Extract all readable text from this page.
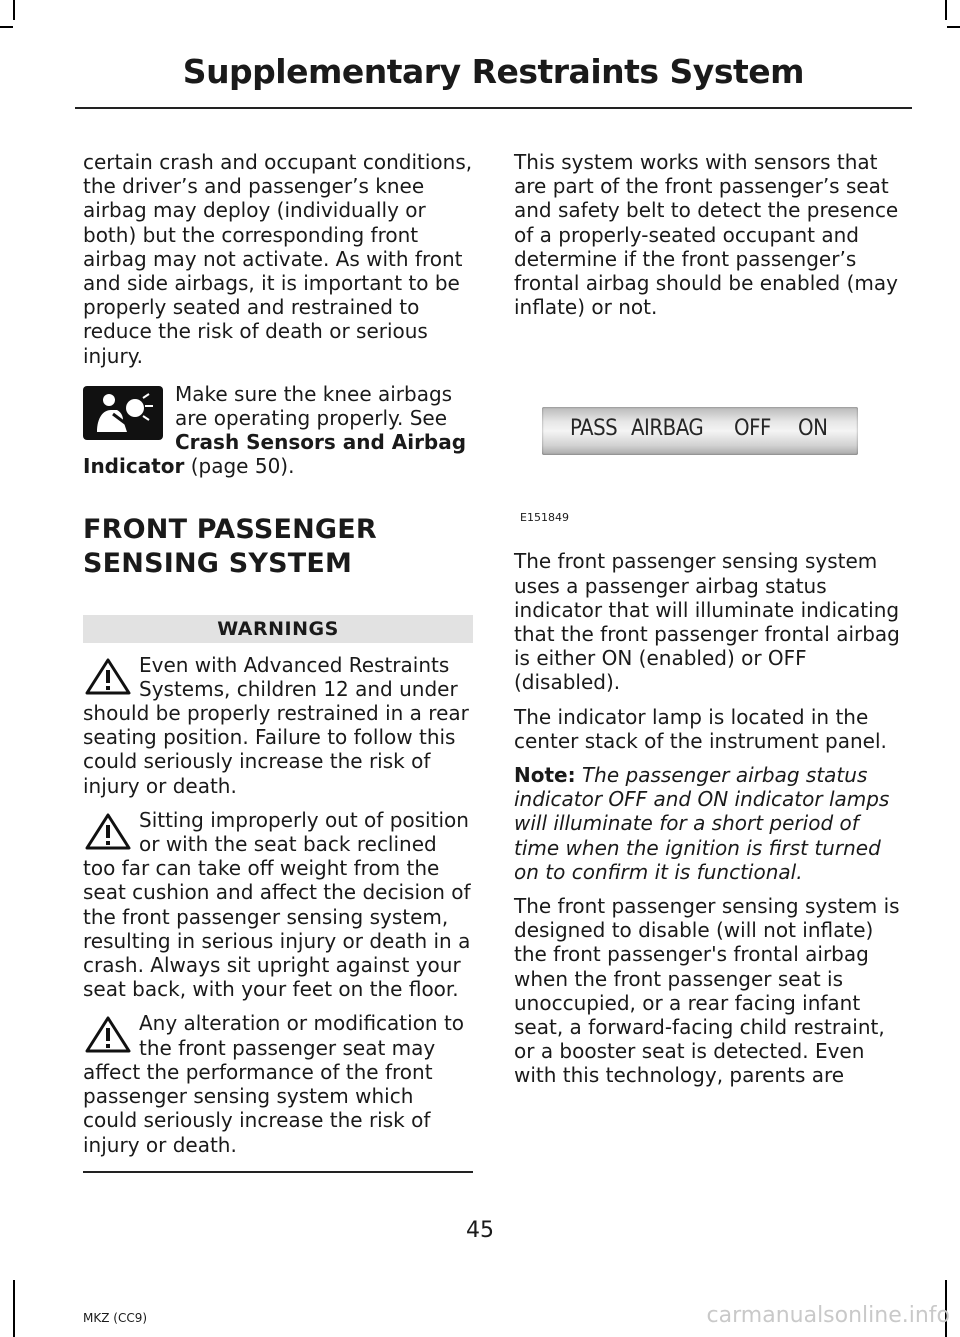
Supplementary Restraints System

certain crash and occupant conditions, the driver’s and passenger’s knee airbag may deploy (individually or both) but the corresponding front airbag may not activate. As with front and side airbags, it is important to be properly seated and restrained to reduce the risk of death or serious injury.

Make sure the knee airbags are operating properly. See Crash Sensors and Airbag Indicator (page 50).
FRONT PASSENGER
SENSING SYSTEM
WARNINGS
Even with Advanced Restraints Systems, children 12 and under should be properly restrained in a rear seating position. Failure to follow this could seriously increase the risk of injury or death.
Sitting improperly out of position or with the seat back reclined too far can take off weight from the seat cushion and affect the decision of the front passenger sensing system, resulting in serious injury or death in a crash. Always sit upright against your seat back, with your feet on the floor.
Any alteration or modification to the front passenger seat may affect the performance of the front passenger sensing system which could seriously increase the risk of injury or death.

This system works with sensors that are part of the front passenger’s seat and safety belt to detect the presence of a properly-seated occupant and determine if the front passenger’s frontal airbag should be enabled (may inflate) or not.

PASS AIRBAG OFF ON
E151849

The front passenger sensing system uses a passenger airbag status indicator that will illuminate indicating that the front passenger frontal airbag is either ON (enabled) or OFF (disabled).

The indicator lamp is located in the center stack of the instrument panel.

Note: The passenger airbag status indicator OFF and ON indicator lamps will illuminate for a short period of time when the ignition is first turned on to confirm it is functional.

The front passenger sensing system is designed to disable (will not inflate) the front passenger's frontal airbag when the front passenger seat is unoccupied, or a rear facing infant seat, a forward-facing child restraint, or a booster seat is detected. Even with this technology, parents are

45
MKZ (CC9)	carmanualsonline.info
